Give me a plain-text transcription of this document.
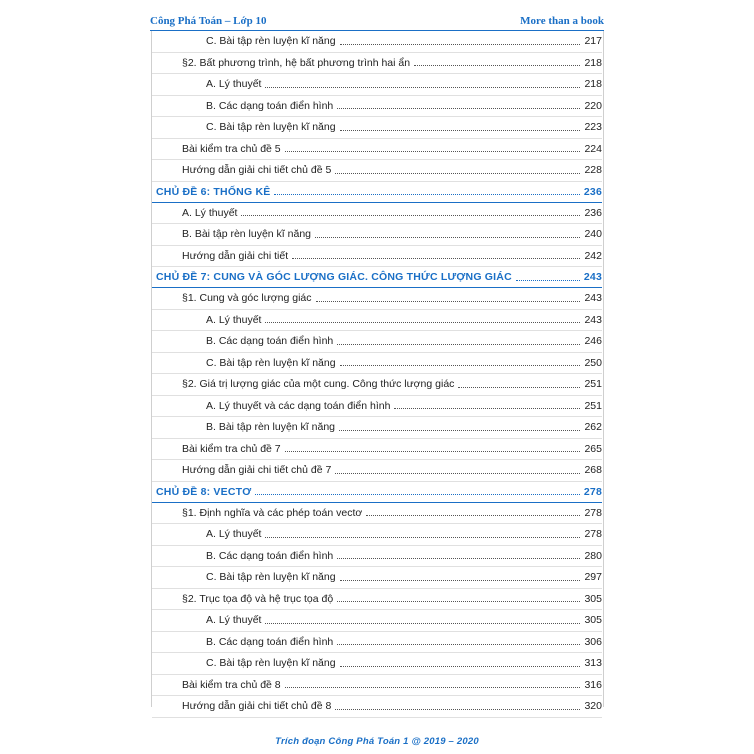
Công Phá Toán – Lớp 10	More than a book
C. Bài tập rèn luyện kĩ năng	217
§2. Bất phương trình, hệ bất phương trình hai ẩn	218
A. Lý thuyết	218
B. Các dạng toán điển hình	220
C. Bài tập rèn luyện kĩ năng	223
Bài kiểm tra chủ đề 5	224
Hướng dẫn giải chi tiết chủ đề 5	228
CHỦ ĐỀ 6: THỐNG KÊ	236
A. Lý thuyết	236
B. Bài tập rèn luyện kĩ năng	240
Hướng dẫn giải chi tiết	242
CHỦ ĐỀ 7: CUNG VÀ GÓC LƯỢNG GIÁC. CÔNG THỨC LƯỢNG GIÁC	243
§1. Cung và góc lượng giác	243
A. Lý thuyết	243
B. Các dạng toán điển hình	246
C. Bài tập rèn luyện kĩ năng	250
§2. Giá trị lượng giác của một cung. Công thức lượng giác	251
A. Lý thuyết và các dạng toán điển hình	251
B. Bài tập rèn luyện kĩ năng	262
Bài kiểm tra chủ đề 7	265
Hướng dẫn giải chi tiết chủ đề 7	268
CHỦ ĐỀ 8: VECTƠ	278
§1. Định nghĩa và các phép toán vectơ	278
A. Lý thuyết	278
B. Các dạng toán điển hình	280
C. Bài tập rèn luyện kĩ năng	297
§2. Trục tọa độ và hệ trục tọa độ	305
A. Lý thuyết	305
B. Các dạng toán điển hình	306
C. Bài tập rèn luyện kĩ năng	313
Bài kiểm tra chủ đề 8	316
Hướng dẫn giải chi tiết chủ đề 8	320
Trích đoạn Công Phá Toán 1 @ 2019 – 2020
